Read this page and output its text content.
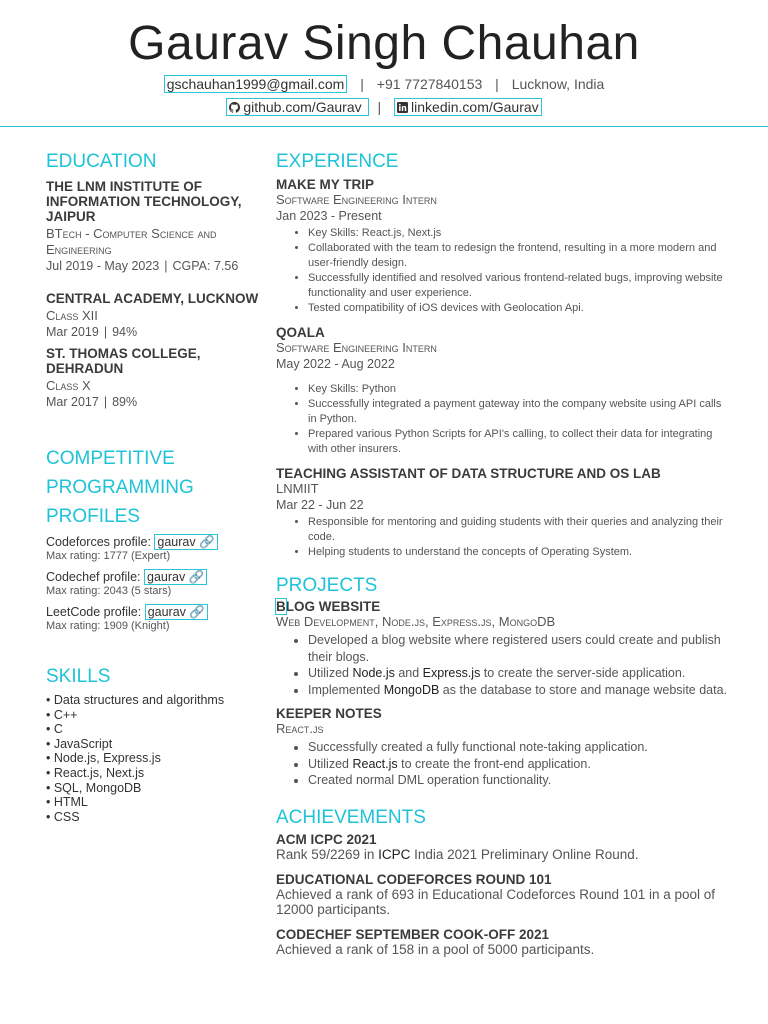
Gaurav Singh Chauhan
gschauhan1999@gmail.com | +91 7727840153 | Lucknow, India
github.com/Gaurav | linkedin.com/Gaurav
EDUCATION
THE LNM INSTITUTE OF INFORMATION TECHNOLOGY, JAIPUR
BTech - Computer Science and Engineering
Jul 2019 - May 2023 | CGPA: 7.56
CENTRAL ACADEMY, LUCKNOW
Class XII
Mar 2019 | 94%
ST. THOMAS COLLEGE, DEHRADUN
Class X
Mar 2017 | 89%
COMPETITIVE
PROGRAMMING
PROFILES
Codeforces profile: gaurav 🔗
Max rating: 1777 (Expert)
Codechef profile: gaurav 🔗
Max rating: 2043 (5 stars)
LeetCode profile: gaurav 🔗
Max rating: 1909 (Knight)
SKILLS
• Data structures and algorithms
• C++
• C
• JavaScript
• Node.js, Express.js
• React.js, Next.js
• SQL, MongoDB
• HTML
• CSS
EXPERIENCE
MAKE MY TRIP
Software Engineering Intern
Jan 2023 - Present
• Key Skills: React.js, Next.js
• Collaborated with the team to redesign the frontend, resulting in a more modern and user-friendly design.
• Successfully identified and resolved various frontend-related bugs, improving website functionality and user experience.
• Tested compatibility of iOS devices with Geolocation Api.
QOALA
Software Engineering Intern
May 2022 - Aug 2022
• Key Skills: Python
• Successfully integrated a payment gateway into the company website using API calls in Python.
• Prepared various Python Scripts for API's calling, to collect their data for integrating with other insurers.
TEACHING ASSISTANT OF DATA STRUCTURE AND OS LAB
LNMIIT
Mar 22 - Jun 22
• Responsible for mentoring and guiding students with their queries and analyzing their code.
• Helping students to understand the concepts of Operating System.
PROJECTS
BLOG WEBSITE
Web Development, Node.js, Express.js, MongoDB
• Developed a blog website where registered users could create and publish their blogs.
• Utilized Node.js and Express.js to create the server-side application.
• Implemented MongoDB as the database to store and manage website data.
KEEPER NOTES
React.js
• Successfully created a fully functional note-taking application.
• Utilized React.js to create the front-end application.
• Created normal DML operation functionality.
ACHIEVEMENTS
ACM ICPC 2021
Rank 59/2269 in ICPC India 2021 Preliminary Online Round.
EDUCATIONAL CODEFORCES ROUND 101
Achieved a rank of 693 in Educational Codeforces Round 101 in a pool of 12000 participants.
CODECHEF SEPTEMBER COOK-OFF 2021
Achieved a rank of 158 in a pool of 5000 participants.
